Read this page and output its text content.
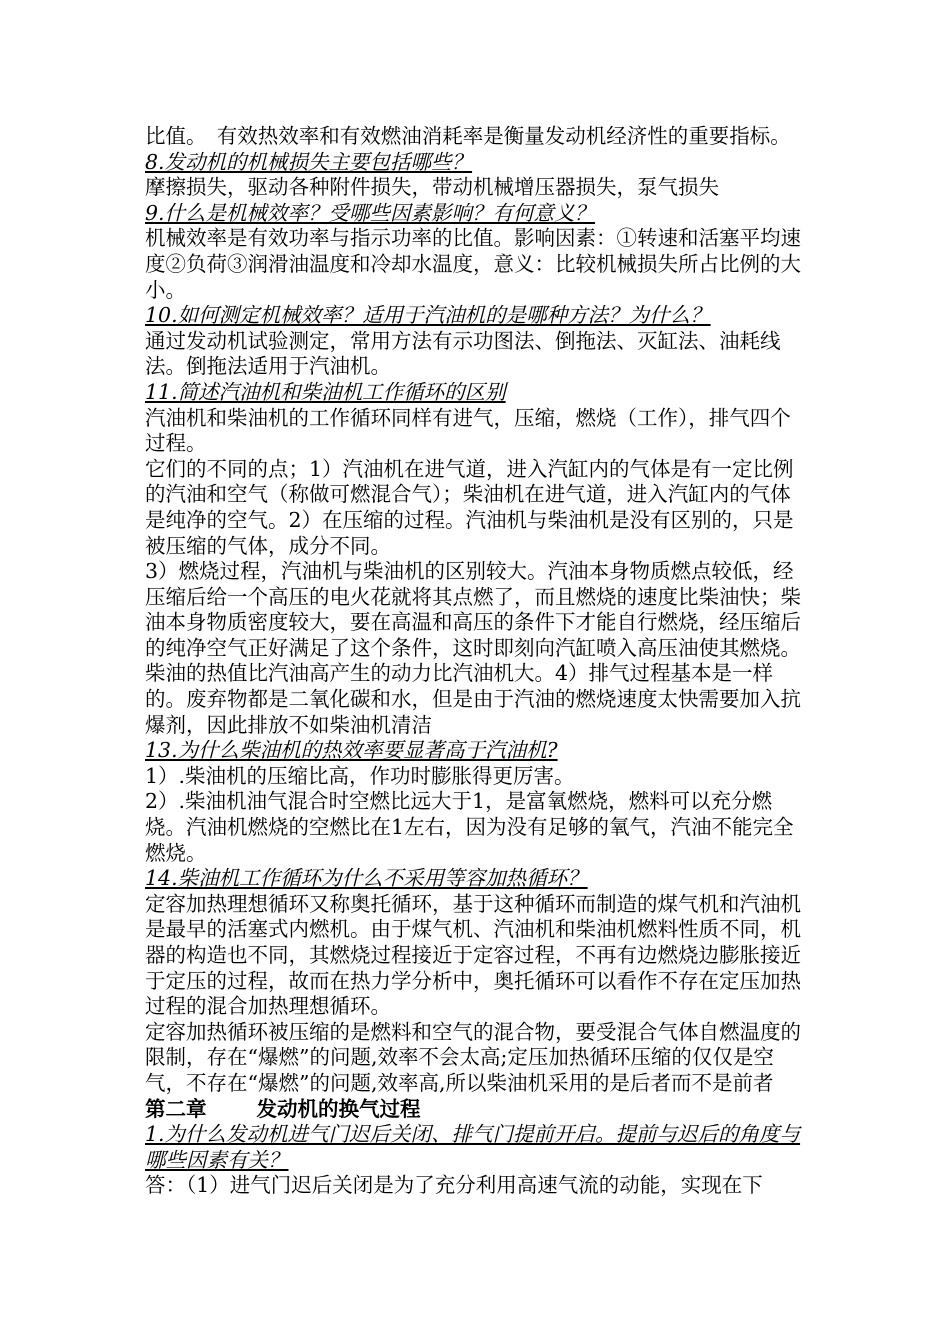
比值。　有效热效率和有效燃油消耗率是衡量发动机经济性的重要指标。

8.发动机的机械损失主要包括哪些？

摩擦损失，驱动各种附件损失，带动机械增压器损失，泵气损失

9.什么是机械效率？受哪些因素影响？有何意义？

机械效率是有效功率与指示功率的比值。影响因素：①转速和活塞平均速度②负荷③润滑油温度和冷却水温度，意义：比较机械损失所占比例的大小。

10.如何测定机械效率？适用于汽油机的是哪种方法？为什么？

通过发动机试验测定，常用方法有示功图法、倒拖法、灭缸法、油耗线法。倒拖法适用于汽油机。

11.简述汽油机和柴油机工作循环的区别

汽油机和柴油机的工作循环同样有进气，压缩，燃烧（工作），排气四个过程。

它们的不同的点；1）汽油机在进气道，进入汽缸内的气体是有一定比例的汽油和空气（称做可燃混合气）；柴油机在进气道，进入汽缸内的气体是纯净的空气。2）在压缩的过程。汽油机与柴油机是没有区别的，只是被压缩的气体，成分不同。

3）燃烧过程，汽油机与柴油机的区别较大。汽油本身物质燃点较低，经压缩后给一个高压的电火花就将其点燃了，而且燃烧的速度比柴油快；柴油本身物质密度较大，要在高温和高压的条件下才能自行燃烧，经压缩后的纯净空气正好满足了这个条件，这时即刻向汽缸喷入高压油使其燃烧。柴油的热值比汽油高产生的动力比汽油机大。4）排气过程基本是一样的。废弃物都是二氧化碳和水，但是由于汽油的燃烧速度太快需要加入抗爆剂，因此排放不如柴油机清洁

13.为什么柴油机的热效率要显著高于汽油机?

1）.柴油机的压缩比高，作功时膨胀得更厉害。

2）.柴油机油气混合时空燃比远大于1，是富氧燃烧，燃料可以充分燃烧。汽油机燃烧的空燃比在1左右，因为没有足够的氧气，汽油不能完全燃烧。

14.柴油机工作循环为什么不采用等容加热循环？

定容加热理想循环又称奥托循环，基于这种循环而制造的煤气机和汽油机是最早的活塞式内燃机。由于煤气机、汽油机和柴油机燃料性质不同，机器的构造也不同，其燃烧过程接近于定容过程，不再有边燃烧边膨胀接近于定压的过程，故而在热力学分析中，奥托循环可以看作不存在定压加热过程的混合加热理想循环。

定容加热循环被压缩的是燃料和空气的混合物，要受混合气体自燃温度的限制，存在“爆燃”的问题,效率不会太高;定压加热循环压缩的仅仅是空气，不存在“爆燃”的问题,效率高,所以柴油机采用的是后者而不是前者

第二章 发动机的换气过程

1.为什么发动机进气门迟后关闭、排气门提前开启。提前与迟后的角度与哪些因素有关？

答：（1）进气门迟后关闭是为了充分利用高速气流的动能，实现在下
